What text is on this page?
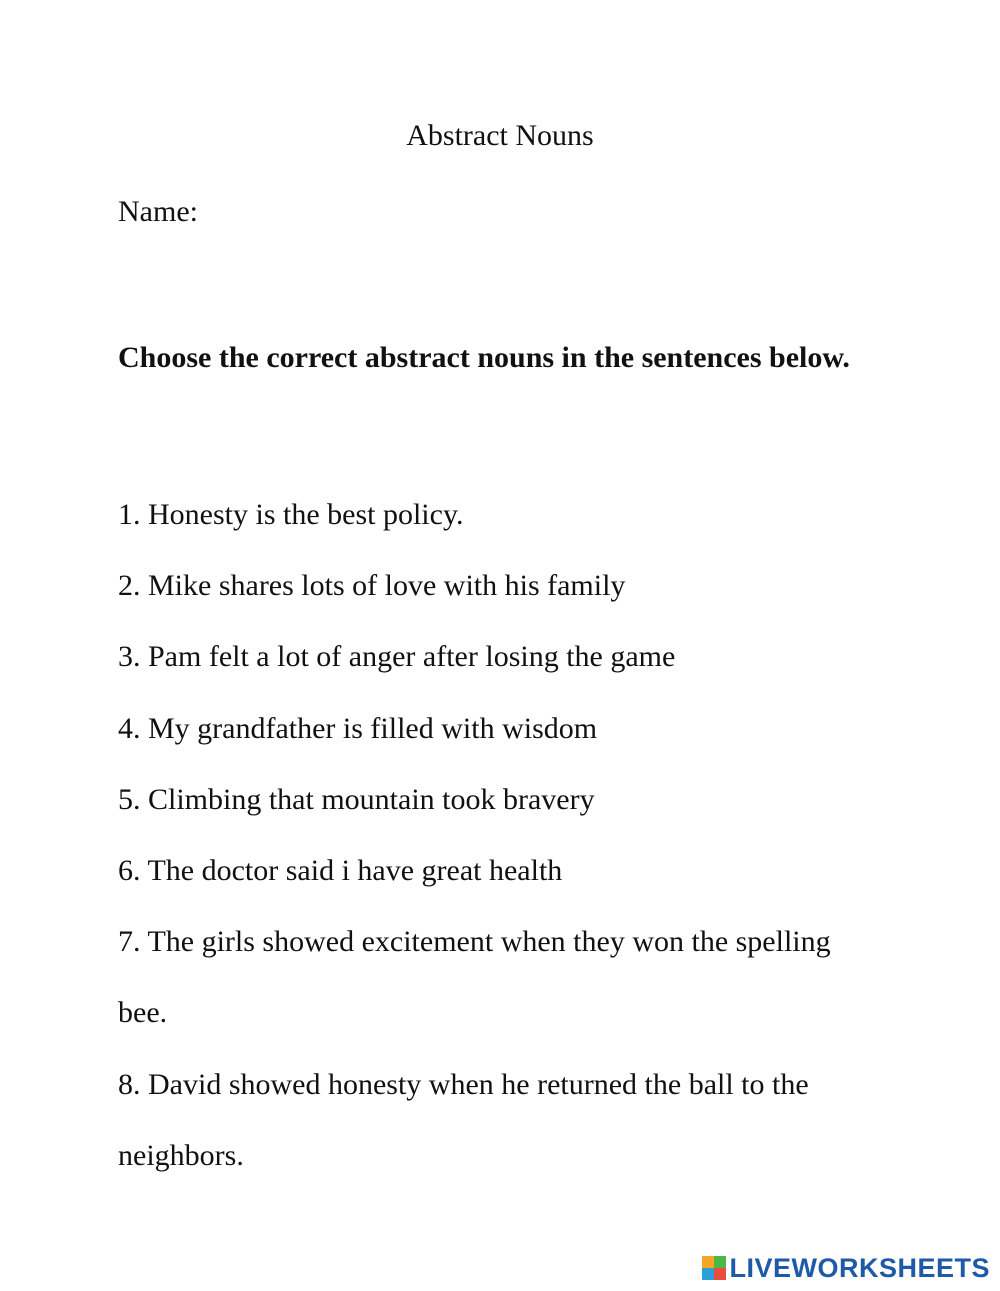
Abstract Nouns
Name:
Choose the correct abstract nouns in the sentences below.
1. Honesty is the best policy.
2. Mike shares lots of love with his family
3. Pam felt a lot of anger after losing the game
4. My grandfather is filled with wisdom
5. Climbing that mountain took bravery
6. The doctor said i have great health
7. The girls showed excitement when they won the spelling
bee.
8. David showed honesty when he returned the ball to the
neighbors.
LIVEWORKSHEETS
